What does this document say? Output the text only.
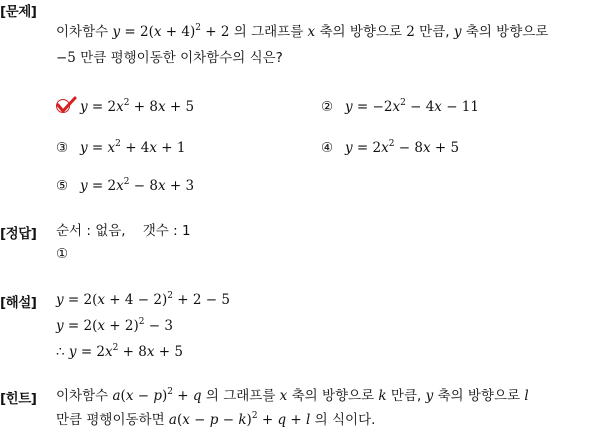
[문제]
이차함수 $y = 2(x + 4)^2 + 2$ 의 그래프를 x 축의 방향으로 2 만큼, y 축의 방향으로
−5 만큼 평행이동한 이차함수의 식은?
$y = 2x^2 + 8x + 5$	② $y = -2x^2 - 4x - 11$
③ $y = x^2 + 4x + 1$	④ $y = 2x^2 - 8x + 5$
⑤ $y = 2x^2 - 8x + 3$
[정답] 순서 : 없음,    갯수 : 1
①
[해설] $y = 2(x + 4 - 2)^2 + 2 - 5$
$y = 2(x + 2)^2 - 3$
∴ $y = 2x^2 + 8x + 5$
[힌트] 이차함수 $a(x - p)^2 + q$ 의 그래프를 x 축의 방향으로 k 만큼, y 축의 방향으로 l
만큼 평행이동하면 $a(x - p - k)^2 + q + l$ 의 식이다.
